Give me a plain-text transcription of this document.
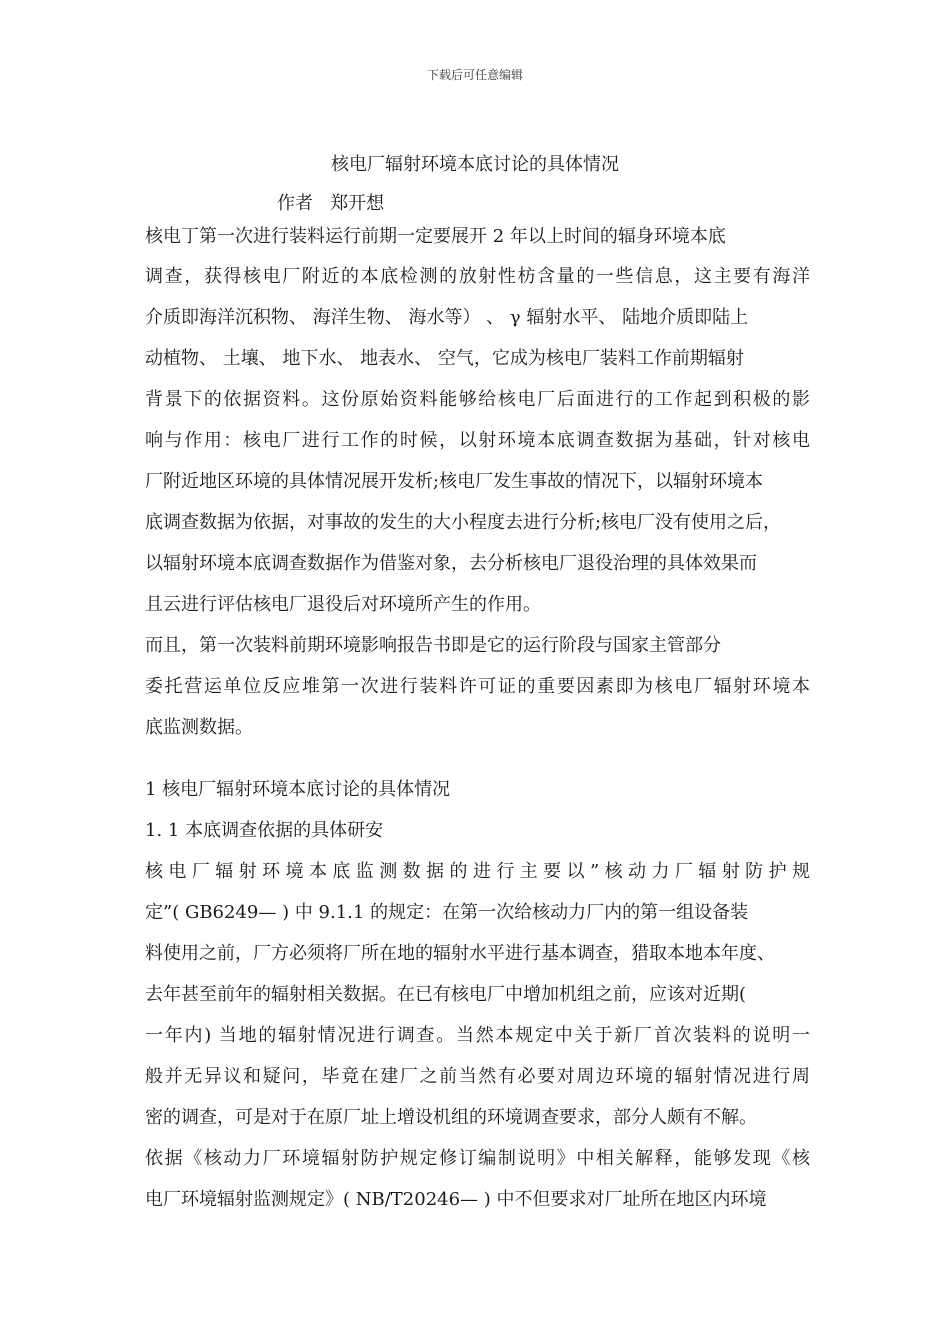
下载后可任意编辑
核电厂辐射环境本底讨论的具体情况
作者   郑开想
核电丁第一次进行装料运行前期一定要展开 2 年以上时间的辐身环境本底
调查，获得核电厂附近的本底检测的放射性枋含量的一些信息，这主要有海洋
介质即海洋沉积物、 海洋生物、 海水等） 、 γ 辐射水平、 陆地介质即陆上
动植物、 土壤、 地下水、 地表水、 空气，它成为核电厂装料工作前期辐射
背景下的依据资料。这份原始资料能够给核电厂后面进行的工作起到积极的影
响与作用：核电厂进行工作的时候，以射环境本底调查数据为基础，针对核电
厂附近地区环境的具体情况展开发析;核电厂发生事故的情况下，以辐射环境本
底调查数据为依据，对事故的发生的大小程度去进行分析;核电厂没有使用之后，
以辐射环境本底调查数据作为借鉴对象，去分析核电厂退役治理的具体效果而
且云进行评估核电厂退役后对环境所产生的作用。
而且，第一次装料前期环境影响报告书即是它的运行阶段与国家主管部分
委托营运单位反应堆第一次进行装料许可证的重要因素即为核电厂辐射环境本
底监测数据。
1 核电厂辐射环境本底讨论的具体情况
1. 1 本底调查依据的具体研安
核电厂辐射环境本底监测数据的进行主要以”核动力厂辐射防护规
定”( GB6249— ) 中 9.1.1 的规定：在第一次给核动力厂内的第一组设备装
料使用之前，厂方必须将厂所在地的辐射水平进行基本调查，猎取本地本年度、
去年甚至前年的辐射相关数据。在已有核电厂中增加机组之前，应该对近期(
一年内) 当地的辐射情况进行调查。当然本规定中关于新厂首次装料的说明一
般并无异议和疑问，毕竟在建厂之前当然有必要对周边环境的辐射情况进行周
密的调查，可是对于在原厂址上增设机组的环境调查要求，部分人颇有不解。
依据《核动力厂环境辐射防护规定修订编制说明》中相关解释，能够发现《核
电厂环境辐射监测规定》( NB/T20246— ) 中不但要求对厂址所在地区内环境
